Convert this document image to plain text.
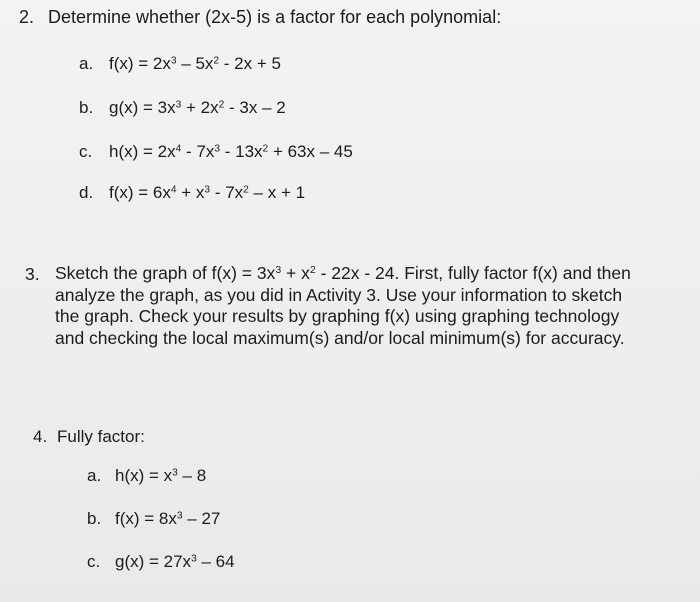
2. Determine whether (2x-5) is a factor for each polynomial:
a. $f(x) = 2x^3 - 5x^2 - 2x + 5$
b. $g(x) = 3x^3 + 2x^2 - 3x - 2$
c. $h(x) = 2x^4 - 7x^3 - 13x^2 + 63x - 45$
d. $f(x) = 6x^4 + x^3 - 7x^2 - x + 1$
3. Sketch the graph of $f(x) = 3x^3 + x^2 - 22x - 24$. First, fully factor f(x) and then
analyze the graph, as you did in Activity 3. Use your information to sketch
the graph. Check your results by graphing f(x) using graphing technology
and checking the local maximum(s) and/or local minimum(s) for accuracy.
4. Fully factor:
a. $h(x) = x^3 - 8$
b. $f(x) = 8x^3 - 27$
c. $g(x) = 27x^3 - 64$
